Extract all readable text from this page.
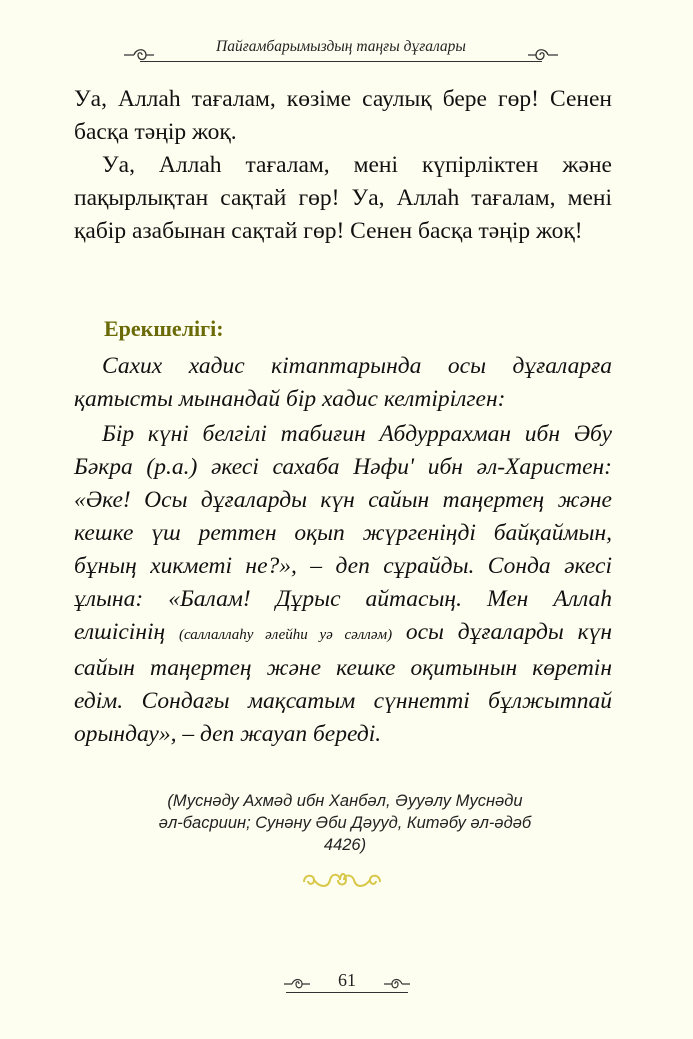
Пайғамбарымыздың таңғы дұғалары

Уа, Аллаһ тағалам, көзіме саулық бере гөр! Сенен басқа тәңір жоқ.

Уа, Аллаһ тағалам, мені күпірліктен және пақырлықтан сақтай гөр! Уа, Аллаһ тағалам, мені қабір азабынан сақтай гөр! Сенен басқа тәңір жоқ!

Ерекшелігі:

Сахих хадис кітаптарында осы дұғаларға қатысты мынандай бір хадис келтірілген:

Бір күні белгілі табиғин Абдуррахман ибн Әбу Бәкра (р.а.) әкесі сахаба Нәфи' ибн әл-Харистен: «Әке! Осы дұғаларды күн сайын таңертең және кешке үш реттен оқып жүргеніңді байқаймын, бұның хикметі не?», – деп сұрайды. Сонда әкесі ұлына: «Балам! Дұрыс айтасың. Мен Аллаһ елшісінің (саллаллаһу әлейһи уә сәлләм) осы дұғаларды күн сайын таңертең және кешке оқитынын көретін едім. Сондағы мақсатым сүннетті бұлжытпай орындау», – деп жауап береді.

(Муснәду Ахмәд ибн Ханбәл, Әууәлу Муснәди

әл-басриин; Сунәну Әби Дәууд, Китәбу әл-әдәб

4426)

61
